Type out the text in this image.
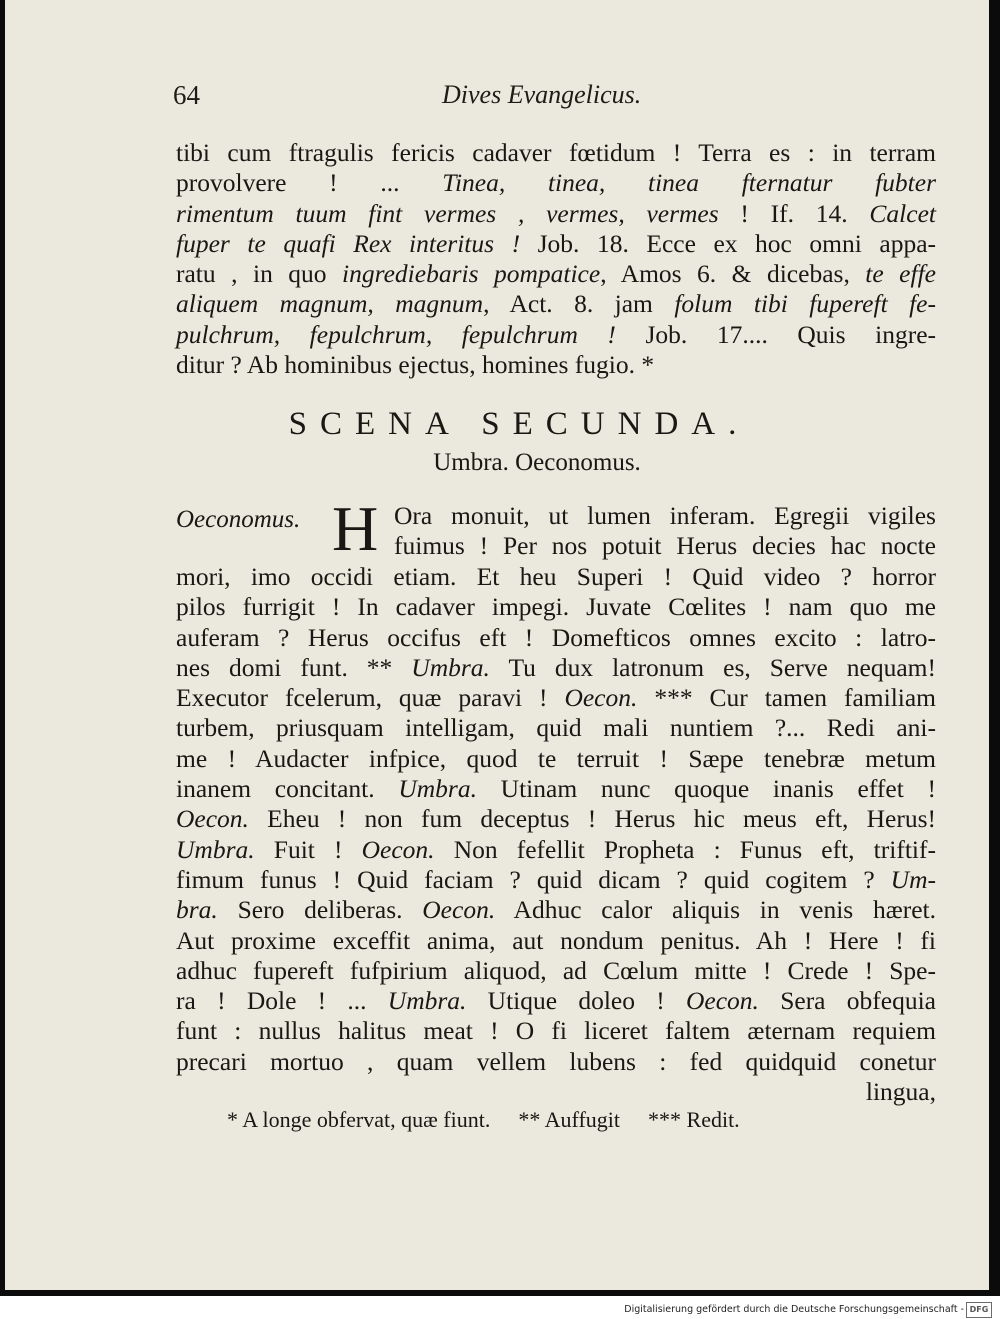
64	Dives Evangelicus.
tibi cum ftragulis fericis cadaver fœtidum ! Terra es : in terram
provolvere ! ... Tinea, tinea, tinea fternatur fubter
rimentum tuum fint vermes , vermes, vermes ! If. 14. Calcet
fuper te quafi Rex interitus ! Job. 18. Ecce ex hoc omni appa-
ratu , in quo ingrediebaris pompatice, Amos 6. & dicebas, te effe
aliquem magnum, magnum, Act. 8. jam folum tibi fupereft fe-
pulchrum, fepulchrum, fepulchrum ! Job. 17.... Quis ingre-
ditur ? Ab hominibus ejectus, homines fugio. *
SCENA SECUNDA.
Umbra. Oeconomus.
Oeconomus. H Ora monuit, ut lumen inferam. Egregii vigiles
fuimus ! Per nos potuit Herus decies hac nocte
mori, imo occidi etiam. Et heu Superi ! Quid video ? horror
pilos furrigit ! In cadaver impegi. Juvate Cœlites ! nam quo me
auferam ? Herus occifus eft ! Domefticos omnes excito : latro-
nes domi funt. ** Umbra. Tu dux latronum es, Serve nequam!
Executor fcelerum, quæ paravi ! Oecon. *** Cur tamen familiam
turbem, priusquam intelligam, quid mali nuntiem ?... Redi ani-
me ! Audacter infpice, quod te terruit ! Sæpe tenebræ metum
inanem concitant. Umbra. Utinam nunc quoque inanis effet !
Oecon. Eheu ! non fum deceptus ! Herus hic meus eft, Herus!
Umbra. Fuit ! Oecon. Non fefellit Propheta : Funus eft, triftif-
fimum funus ! Quid faciam ? quid dicam ? quid cogitem ? Um-
bra. Sero deliberas. Oecon. Adhuc calor aliquis in venis hæret.
Aut proxime exceffit anima, aut nondum penitus. Ah ! Here ! fi
adhuc fupereft fufpirium aliquod, ad Cœlum mitte ! Crede ! Spe-
ra ! Dole ! ... Umbra. Utique doleo ! Oecon. Sera obfequia
funt : nullus halitus meat ! O fi liceret faltem æternam requiem
precari mortuo , quam vellem lubens : fed quidquid conetur
lingua,
* A longe obfervat, quæ fiunt. ** Auffugit *** Redit.
Digitalisierung gefördert durch die Deutsche Forschungsgemeinschaft - DFG
